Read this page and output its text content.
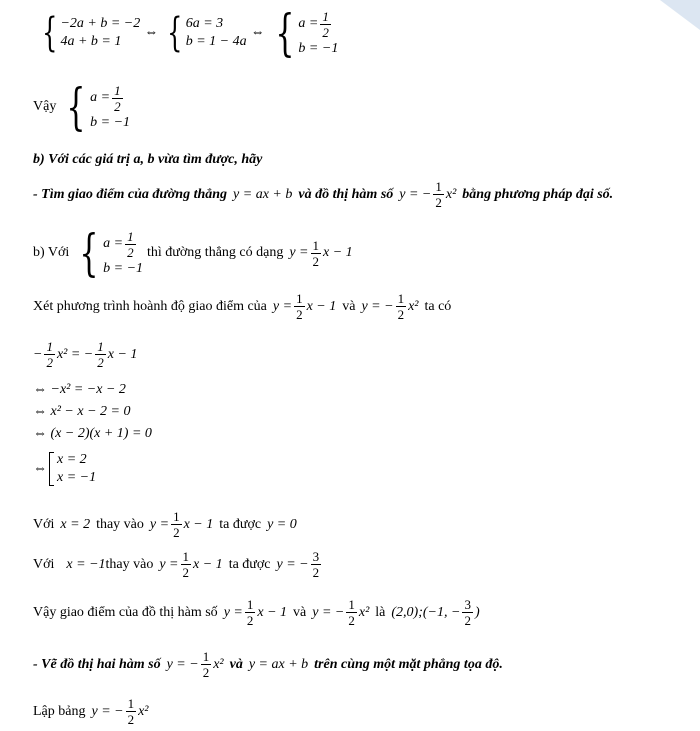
{ −2a + b = −2
4a + b = 1
⇔ { 6a = 3
b = 1 − 4a
⇔ { $a = \frac{1}{2}$
b = −1
Vậy { $a = \frac{1}{2}$
b = −1
b) Với các giá trị a, b vừa tìm được, hãy
- Tìm giao điểm của đường thẳng y = ax + b và đồ thị hàm số y = − $\frac{1}{2} x^2$ bằng phương pháp đại số.
b) Với { $a = \frac{1}{2}$
b = −1
thì đường thẳng có dạng $y = \frac{1}{2}$ x − 1
Xét phương trình hoành độ giao điểm của $y = \frac{1}{2}$ x − 1 và y = − $\frac{1}{2} x^2$ ta có
− $\frac{1}{2} x^2$ = − $\frac{1}{2}$ x − 1
⇔ −x² = −x − 2
⇔ x² − x − 2 = 0
⇔ (x − 2)(x + 1) = 0
⇔
x = 2
x = −1
Với x = 2 thay vào $y = \frac{1}{2}$ x − 1 ta được y = 0
Với x = −1 thay vào $y = \frac{1}{2}$ x − 1 ta được y = − $\frac{3}{2}$
Vậy giao điểm của đồ thị hàm số $y = \frac{1}{2}$ x − 1 và y = − $\frac{1}{2} x^2$ là (2,0); (−1, − $\frac{3}{2}$ )
- Vẽ đồ thị hai hàm số y = − $\frac{1}{2} x^2$ và y = ax + b trên cùng một mặt phẳng tọa độ.
Lập bảng y = − $\frac{1}{2} x^2$
